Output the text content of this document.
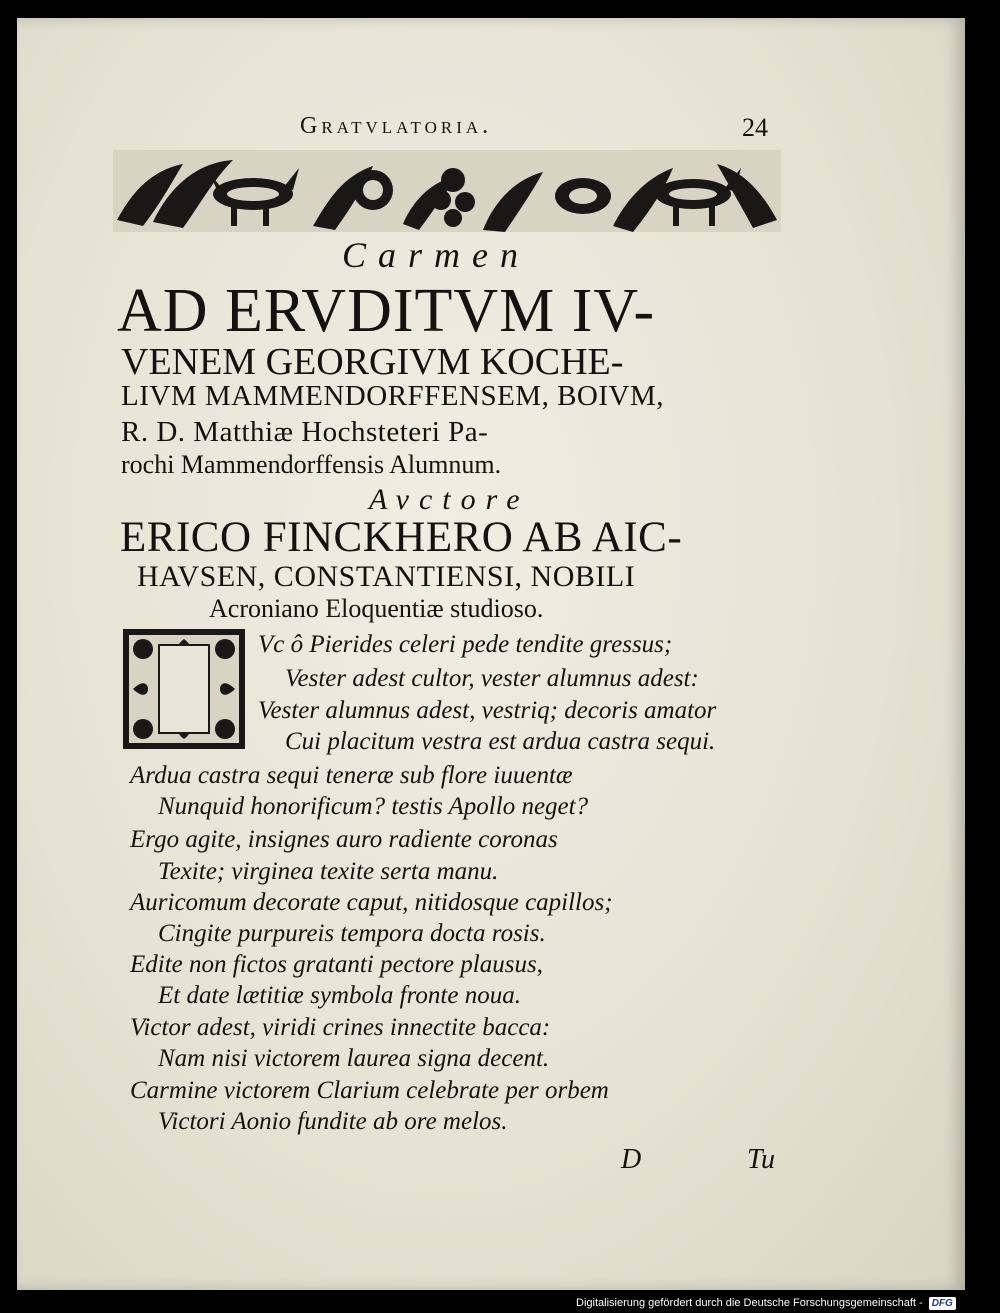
Gratvlatoria.	24
Carmen
AD ERVDITVM IV-
VENEM GEORGIVM KOCHE-
LIVM MAMMENDORFFENSEM, BOIVM,
R. D. Matthiæ Hochsteteri Pa-
rochi Mammendorffensis Alumnum.
Avctore
ERICO FINCKHERO AB AIC-
HAVSEN, CONSTANTIENSI, NOBILI
Acroniano Eloquentiæ studioso.
Vc ô Pierides celeri pede tendite gressus;
Vester adest cultor, vester alumnus adest:
Vester alumnus adest, vestriq; decoris amator
Cui placitum vestra est ardua castra sequi.
Ardua castra sequi teneræ sub flore iuuentæ
Nunquid honorificum? testis Apollo neget?
Ergo agite, insignes auro radiente coronas
Texite; virginea texite serta manu.
Auricomum decorate caput, nitidosque capillos;
Cingite purpureis tempora docta rosis.
Edite non fictos gratanti pectore plausus,
Et date lætitiæ symbola fronte noua.
Victor adest, viridi crines innectite bacca:
Nam nisi victorem laurea signa decent.
Carmine victorem Clarium celebrate per orbem
Victori Aonio fundite ab ore melos.
D	Tu
Digitalisierung gefördert durch die Deutsche Forschungsgemeinschaft - DFG
